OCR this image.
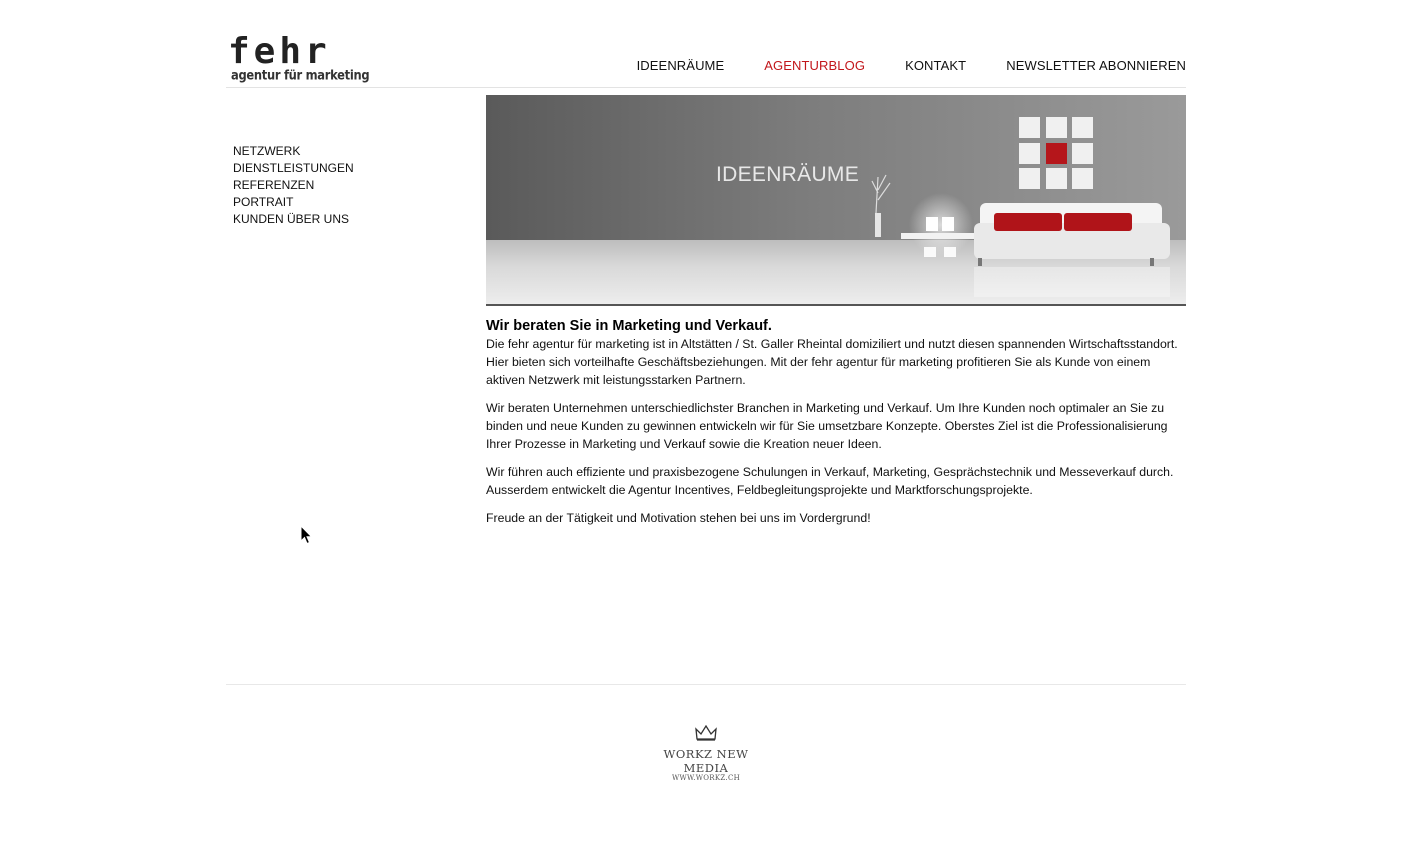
fehr
agentur für marketing
IDEENRÄUME	AGENTURBLOG	KONTAKT	NEWSLETTER ABONNIEREN
NETZWERK
DIENSTLEISTUNGEN
REFERENZEN
PORTRAIT
KUNDEN ÜBER UNS
IDEENRÄUME
Wir beraten Sie in Marketing und Verkauf.

Die fehr agentur für marketing ist in Altstätten / St. Galler Rheintal domiziliert und nutzt diesen spannenden Wirtschaftsstandort. Hier bieten sich vorteilhafte Geschäftsbeziehungen. Mit der fehr agentur für marketing profitieren Sie als Kunde von einem aktiven Netzwerk mit leistungsstarken Partnern.

Wir beraten Unternehmen unterschiedlichster Branchen in Marketing und Verkauf. Um Ihre Kunden noch optimaler an Sie zu binden und neue Kunden zu gewinnen entwickeln wir für Sie umsetzbare Konzepte. Oberstes Ziel ist die Professionalisierung Ihrer Prozesse in Marketing und Verkauf sowie die Kreation neuer Ideen.

Wir führen auch effiziente und praxisbezogene Schulungen in Verkauf, Marketing, Gesprächstechnik und Messeverkauf durch. Ausserdem entwickelt die Agentur Incentives, Feldbegleitungsprojekte und Marktforschungsprojekte.

Freude an der Tätigkeit und Motivation stehen bei uns im Vordergrund!

WORKZ NEW MEDIA
WWW.WORKZ.CH
